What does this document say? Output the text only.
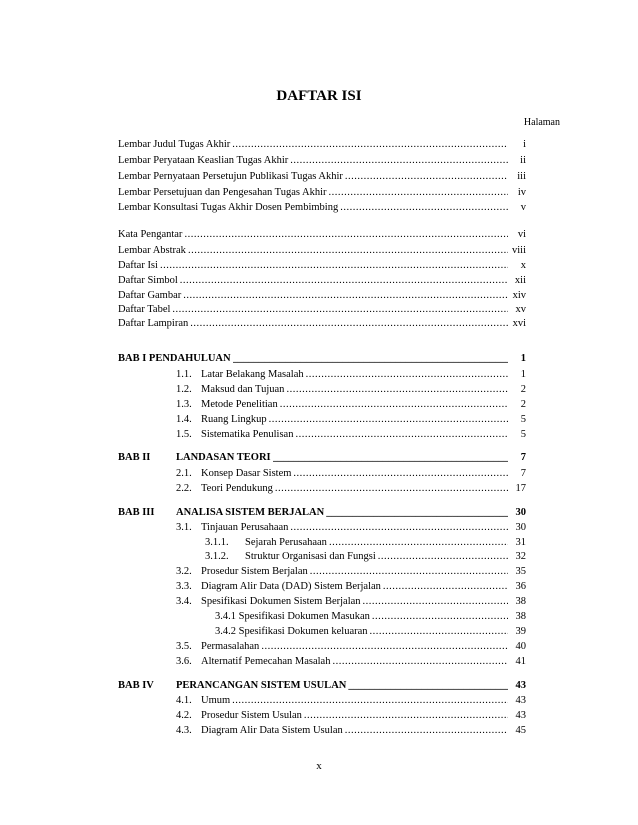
DAFTAR ISI
Halaman
Lembar Judul Tugas Akhir .....	i
Lembar Peryataan Keaslian Tugas Akhir .....	ii
Lembar Pernyataan Persetujun Publikasi Tugas Akhir .....	iii
Lembar Persetujuan dan Pengesahan Tugas Akhir .....	iv
Lembar Konsultasi Tugas Akhir Dosen Pembimbing .....	v
Kata Pengantar .....	vi
Lembar Abstrak .....	viii
Daftar Isi .....	x
Daftar Simbol .....	xii
Daftar Gambar .....	xiv
Daftar Tabel .....	xv
Daftar Lampiran .....	xvi
BAB I PENDAHULUAN _____	1
1.1. Latar Belakang Masalah .....	1
1.2. Maksud dan Tujuan .....	2
1.3. Metode Penelitian .....	2
1.4. Ruang Lingkup .....	5
1.5. Sistematika Penulisan .....	5
BAB II	LANDASAN TEORI _____	7
2.1. Konsep Dasar Sistem .....	7
2.2. Teori Pendukung .....	17
BAB III	ANALISA SISTEM BERJALAN _____	30
3.1. Tinjauan Perusahaan .....	30
3.1.1.	Sejarah Perusahaan .....	31
3.1.2.	Struktur Organisasi dan Fungsi .....	32
3.2. Prosedur Sistem Berjalan .....	35
3.3. Diagram Alir Data (DAD) Sistem Berjalan .....	36
3.4. Spesifikasi Dokumen Sistem Berjalan .....	38
3.4.1 Spesifikasi Dokumen Masukan .....	38
3.4.2 Spesifikasi Dokumen keluaran .....	39
3.5. Permasalahan .....	40
3.6. Alternatif Pemecahan Masalah .....	41
BAB IV	PERANCANGAN SISTEM USULAN _____	43
4.1. Umum .....	43
4.2. Prosedur Sistem Usulan .....	43
4.3. Diagram Alir Data Sistem Usulan .....	45
x
